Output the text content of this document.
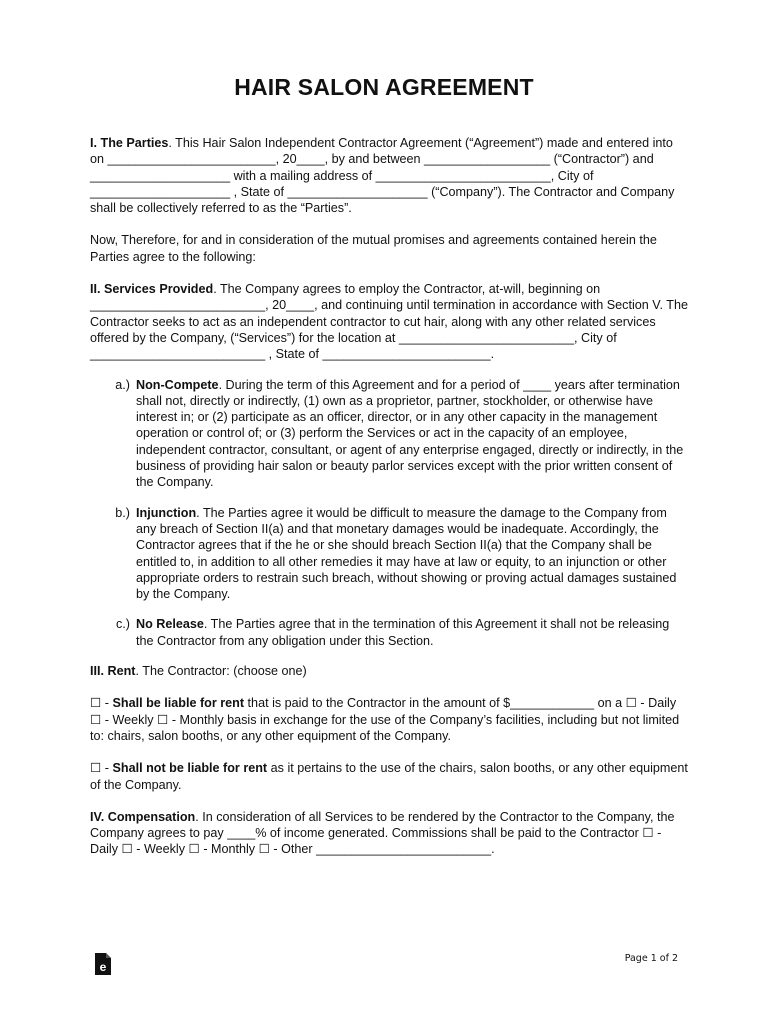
HAIR SALON AGREEMENT

I. The Parties. This Hair Salon Independent Contractor Agreement (“Agreement”) made and entered into on ________________________, 20____, by and between __________________ (“Contractor”) and ____________________ with a mailing address of _________________________, City of ____________________ , State of ____________________ (“Company”). The Contractor and Company shall be collectively referred to as the “Parties”.

Now, Therefore, for and in consideration of the mutual promises and agreements contained herein the Parties agree to the following:

II. Services Provided. The Company agrees to employ the Contractor, at-will, beginning on _________________________, 20____, and continuing until termination in accordance with Section V. The Contractor seeks to act as an independent contractor to cut hair, along with any other related services offered by the Company, (“Services”) for the location at _________________________, City of _________________________ , State of ________________________.

a.) Non-Compete. During the term of this Agreement and for a period of ____ years after termination shall not, directly or indirectly, (1) own as a proprietor, partner, stockholder, or otherwise have interest in; or (2) participate as an officer, director, or in any other capacity in the management operation or control of; or (3) perform the Services or act in the capacity of an employee, independent contractor, consultant, or agent of any enterprise engaged, directly or indirectly, in the business of providing hair salon or beauty parlor services except with the prior written consent of the Company.
b.) Injunction. The Parties agree it would be difficult to measure the damage to the Company from any breach of Section II(a) and that monetary damages would be inadequate. Accordingly, the Contractor agrees that if the he or she should breach Section II(a) that the Company shall be entitled to, in addition to all other remedies it may have at law or equity, to an injunction or other appropriate orders to restrain such breach, without showing or proving actual damages sustained by the Company.
c.) No Release. The Parties agree that in the termination of this Agreement it shall not be releasing the Contractor from any obligation under this Section.

III. Rent. The Contractor: (choose one)

☐ - Shall be liable for rent that is paid to the Contractor in the amount of $____________ on a ☐ - Daily ☐ - Weekly ☐ - Monthly basis in exchange for the use of the Company’s facilities, including but not limited to: chairs, salon booths, or any other equipment of the Company.

☐ - Shall not be liable for rent as it pertains to the use of the chairs, salon booths, or any other equipment of the Company.

IV. Compensation. In consideration of all Services to be rendered by the Contractor to the Company, the Company agrees to pay ____% of income generated. Commissions shall be paid to the Contractor ☐ - Daily ☐ - Weekly ☐ - Monthly ☐ - Other _________________________.

e
Page 1 of 2
